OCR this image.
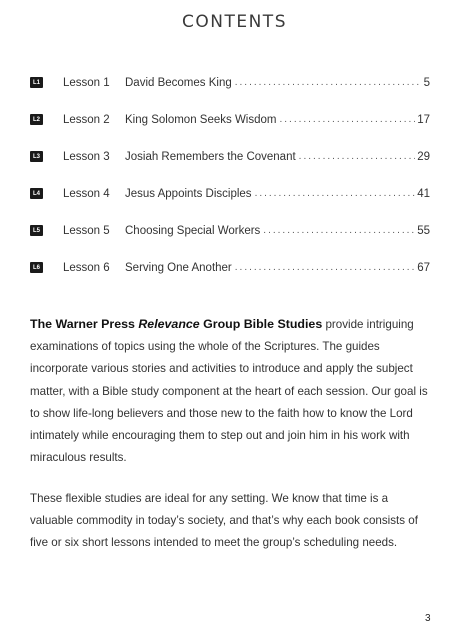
CONTENTS
L1 Lesson 1	David Becomes King .....	5
L2 Lesson 2	King Solomon Seeks Wisdom .....	17
L3 Lesson 3	Josiah Remembers the Covenant .....	29
L4 Lesson 4	Jesus Appoints Disciples .....	41
L5 Lesson 5	Choosing Special Workers .....	55
L6 Lesson 6	Serving One Another .....	67

The Warner Press Relevance Group Bible Studies provide intriguing examinations of topics using the whole of the Scriptures. The guides incorporate various stories and activities to introduce and apply the subject matter, with a Bible study component at the heart of each session. Our goal is to show life-long believers and those new to the faith how to know the Lord intimately while encouraging them to step out and join him in his work with miraculous results.

These flexible studies are ideal for any setting. We know that time is a valuable commodity in today’s society, and that’s why each book consists of five or six short lessons intended to meet the group’s scheduling needs.

3
